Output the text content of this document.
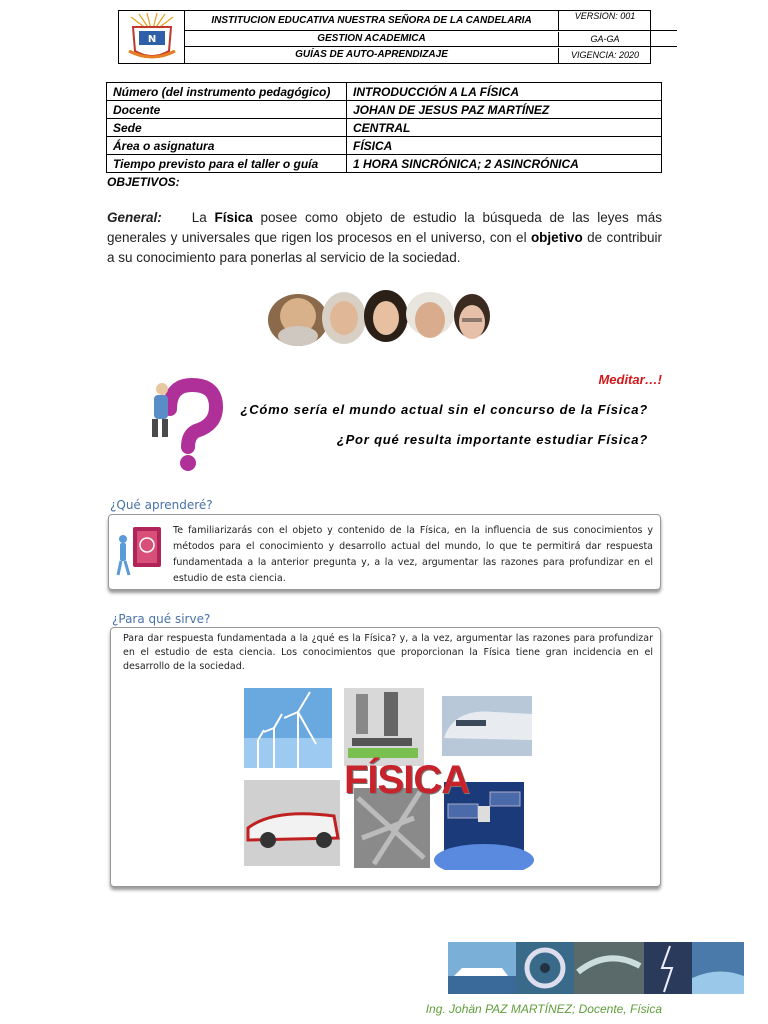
N
INSTITUCION EDUCATIVA NUESTRA SEÑORA DE LA CANDELARIA	VERSION: 001
GESTION ACADEMICA	GA-GA
GUÍAS DE AUTO-APRENDIZAJE	VIGENCIA: 2020
Número (del instrumento pedagógico)	INTRODUCCIÓN A LA FÍSICA
Docente	JOHAN DE JESUS PAZ MARTÍNEZ
Sede	CENTRAL
Área o asignatura	FÍSICA
Tiempo previsto para el taller o guía	1 HORA SINCRÓNICA; 2 ASINCRÓNICA
OBJETIVOS:

General: La Física posee como objeto de estudio la búsqueda de las leyes más generales y universales que rigen los procesos en el universo, con el objetivo de contribuir a su conocimiento para ponerlas al servicio de la sociedad.

Meditar…!
¿Cómo sería el mundo actual sin el concurso de la Física?
¿Por qué resulta importante estudiar Física?
¿Qué aprenderé?
Te familiarizarás con el objeto y contenido de la Física, en la influencia de sus conocimientos y métodos para el conocimiento y desarrollo actual del mundo, lo que te permitirá dar respuesta fundamentada a la anterior pregunta y, a la vez, argumentar las razones para profundizar en el estudio de esta ciencia.
¿Para qué sirve?
Para dar respuesta fundamentada a la ¿qué es la Física? y, a la vez, argumentar las razones para profundizar en el estudio de esta ciencia. Los conocimientos que proporcionan la Física tiene gran incidencia en el desarrollo de la sociedad.
FÍSICA
Ing. Johän PAZ MARTÍNEZ; Docente, Física
